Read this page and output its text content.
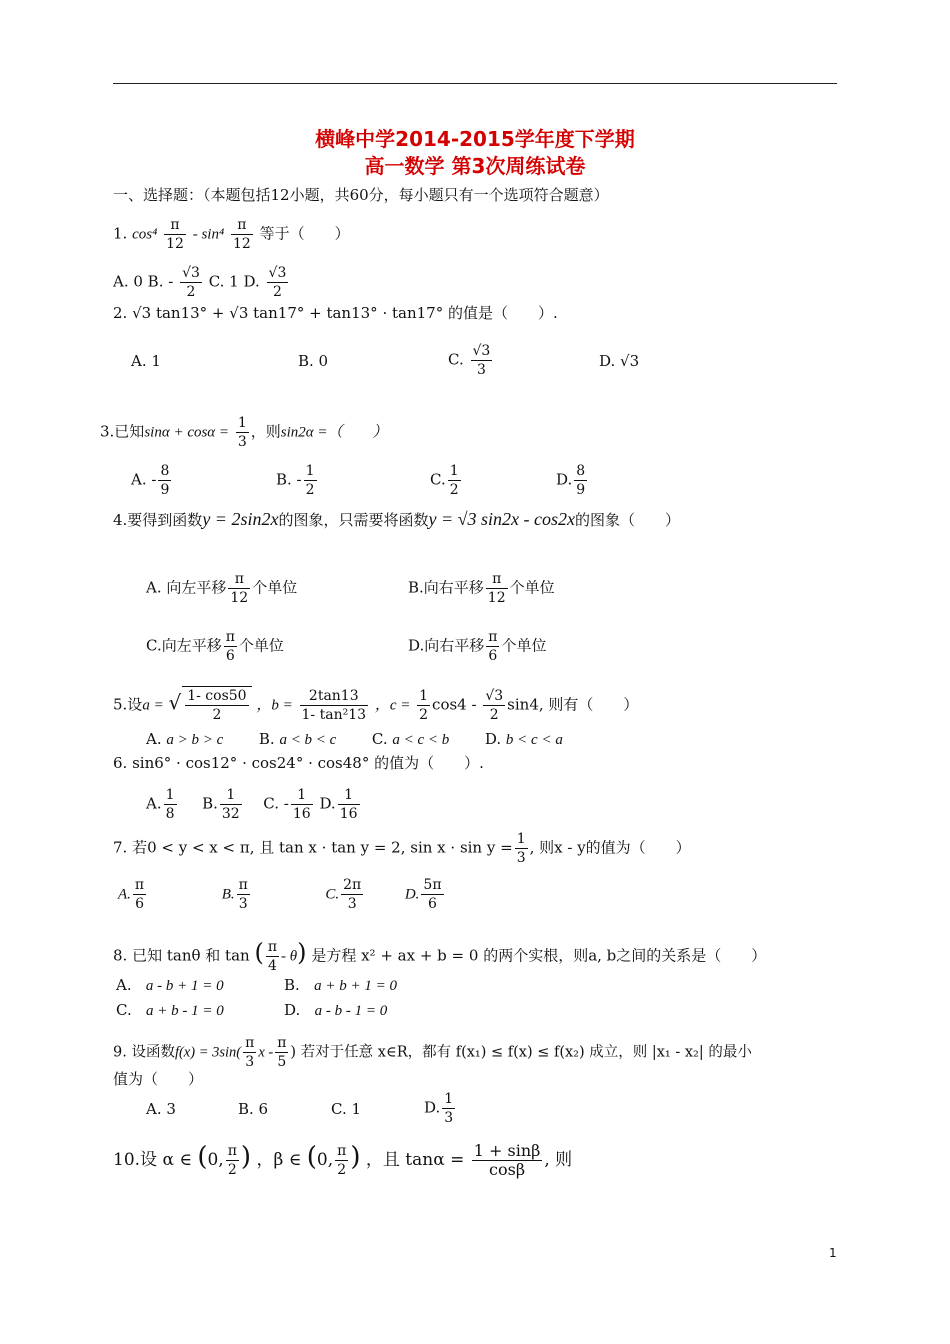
横峰中学2014-2015学年度下学期
高一数学 第3次周练试卷
一、选择题：（本题包括12小题，共60分，每小题只有一个选项符合题意）
1. $\cos^4 \frac{\pi}{12} - \sin^4 \frac{\pi}{12}$ 等于（　　）
A. 0 B. - $\frac{√3}{2} C$. 1 D. $\frac{√3}{2}$
2. √3 tan13° + √3 tan17° + tan13° · tan17° 的值是（　　）.
A. 1	B. 0	C. $\frac{√3}{3}$	D. √3
3.已知$\sin\alpha + \cos\alpha = \frac{1}{3}$ ，则sin2α =（　　）
A. - $\frac{8}{9}$	B. - $\frac{1}{2}$	C. $\frac{1}{2}$	D. $\frac{8}{9}$
4.要得到函数y = 2sin2x的图象，只需要将函数y = √3 sin2x - cos2x的图象（　　）
A. 向左平移 $\frac{\pi}{12}$ 个单位	B.向右平移 $\frac{\pi}{12}$ 个单位
C.向左平移 $\frac{\pi}{6}$ 个单位	D.向右平移 $\frac{\pi}{6}$ 个单位
5.设a = √ $\frac{1- \cos 50}{2}$ ，$b = \frac{2\tan 13}{\text{1- tan²13}}$ ，$c = \frac{1}{2} \cos 4 - \frac{√3}{2} \sin 4$, 则有（　　）
A. a > b > c B. a < b < c C. a < c < b D. b < c < a
6. sin6° · cos12° · cos24° · cos48° 的值为（　　）.
A. $\frac{1}{8} B$. $\frac{1}{32} C$. - $\frac{1}{16} D$. $\frac{1}{16}$
7. 若0 < y < x < π, 且 tan x · tan y = 2, $\sin x \cdot \sin y = \frac{1}{3}$ , 则x - y的值为（　　）
A. $\frac{\pi}{6}$	B. $\frac{\pi}{3}$	C. $\frac{2\pi}{3}$	D. $\frac{5\pi}{6}$
8. 已知 tanθ 和 tan ( $\frac{\pi}{4} - \theta$) 是方程 x² + ax + b = 0 的两个实根，则a, b之间的关系是（　　）
A. a - b + 1 = 0	B. a + b + 1 = 0
C. a + b - 1 = 0	D. a - b - 1 = 0
9. 设函数$f(x) = 3\sin( \frac{\pi}{3}$ x - $\frac{\pi}{5}$ ) 若对于任意 x∈R，都有 f(x₁) ≤ f(x) ≤ f(x₂) 成立，则 |x₁ - x₂| 的最小
值为（　　）
A. 3	B. 6	C. 1	D. $\frac{1}{3}$
10.设 α ∈ (0, $\frac{\pi}{2}$ ) ，β ∈ (0, $\frac{\pi}{2}$ ) ，且 $\tan\alpha = \frac{1 + \sin\beta}{\cos\beta}$ , 则
1
